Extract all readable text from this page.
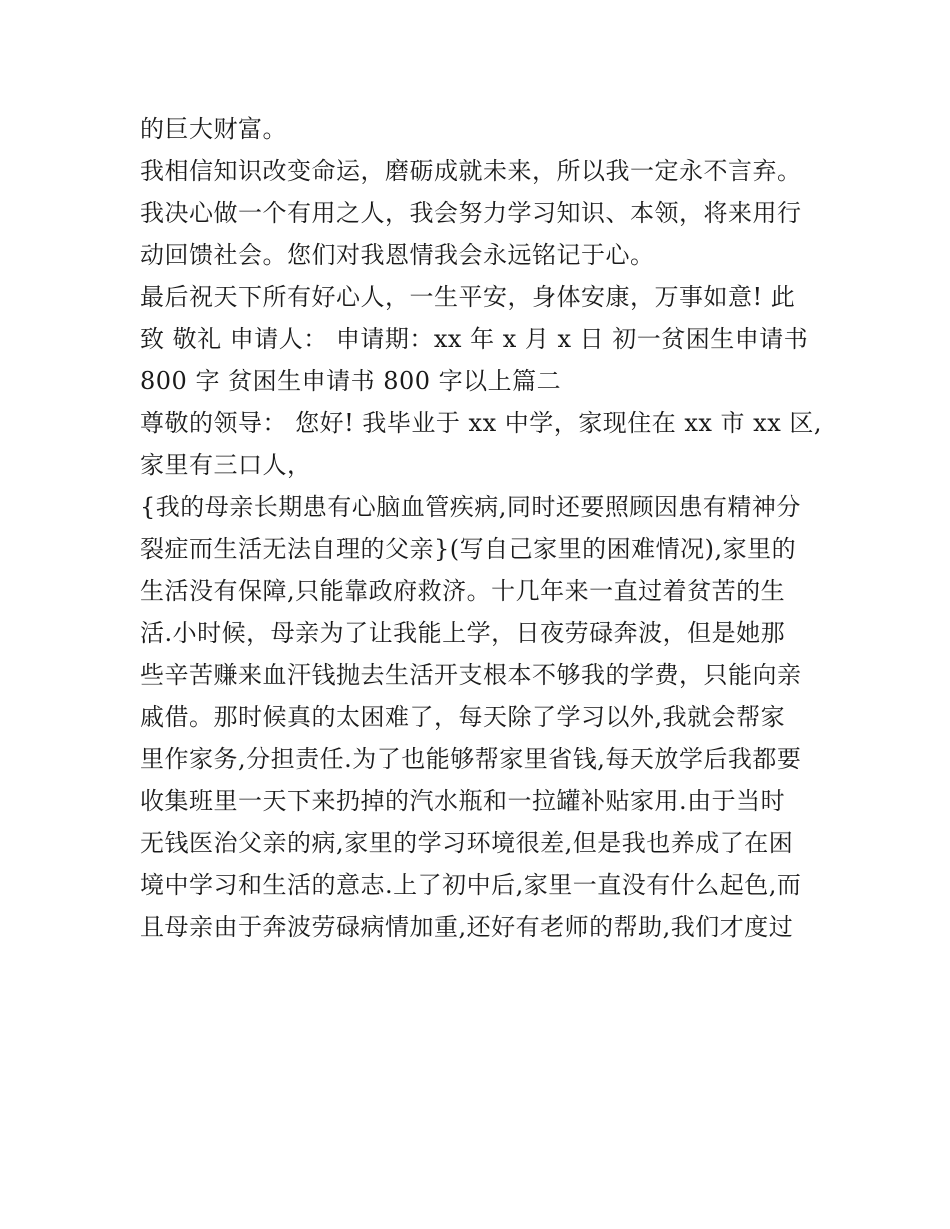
的巨大财富。
我相信知识改变命运，磨砺成就未来，所以我一定永不言弃。
我决心做一个有用之人，我会努力学习知识、本领，将来用行
动回馈社会。您们对我恩情我会永远铭记于心。
最后祝天下所有好心人，一生平安，身体安康，万事如意! 此
致 敬礼 申请人： 申请期：xx 年 x 月 x 日 初一贫困生申请书
800 字 贫困生申请书 800 字以上篇二
尊敬的领导： 您好! 我毕业于 xx 中学，家现住在 xx 市 xx 区,
家里有三口人，
{我的母亲长期患有心脑血管疾病,同时还要照顾因患有精神分
裂症而生活无法自理的父亲}(写自己家里的困难情况),家里的
生活没有保障,只能靠政府救济。十几年来一直过着贫苦的生
活.小时候，母亲为了让我能上学，日夜劳碌奔波，但是她那
些辛苦赚来血汗钱抛去生活开支根本不够我的学费，只能向亲
戚借。那时候真的太困难了，每天除了学习以外,我就会帮家
里作家务,分担责任.为了也能够帮家里省钱,每天放学后我都要
收集班里一天下来扔掉的汽水瓶和一拉罐补贴家用.由于当时
无钱医治父亲的病,家里的学习环境很差,但是我也养成了在困
境中学习和生活的意志.上了初中后,家里一直没有什么起色,而
且母亲由于奔波劳碌病情加重,还好有老师的帮助,我们才度过
